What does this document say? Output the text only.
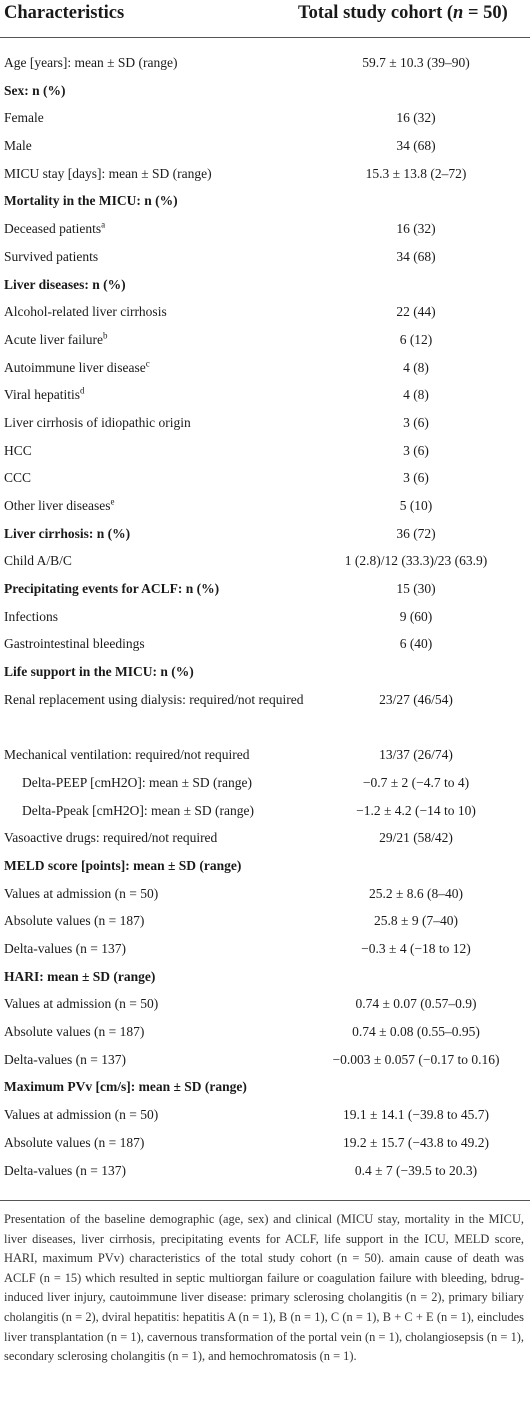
Characteristics	Total study cohort (n = 50)
Age [years]: mean ± SD (range)	59.7 ± 10.3 (39–90)
Sex: n (%)
Female	16 (32)
Male	34 (68)
MICU stay [days]: mean ± SD (range)	15.3 ± 13.8 (2–72)
Mortality in the MICU: n (%)
Deceased patients$^a$	16 (32)
Survived patients	34 (68)
Liver diseases: n (%)
Alcohol-related liver cirrhosis	22 (44)
Acute liver failure$^b$	6 (12)
Autoimmune liver disease$^c$	4 (8)
Viral hepatitis$^d$	4 (8)
Liver cirrhosis of idiopathic origin	3 (6)
HCC	3 (6)
CCC	3 (6)
Other liver diseases$^e$	5 (10)
Liver cirrhosis: n (%)	36 (72)
Child A/B/C	1 (2.8)/12 (33.3)/23 (63.9)
Precipitating events for ACLF: n (%)	15 (30)
Infections	9 (60)
Gastrointestinal bleedings	6 (40)
Life support in the MICU: n (%)
Renal replacement using dialysis: required/not required	23/27 (46/54)
Mechanical ventilation: required/not required	13/37 (26/74)
Delta-PEEP [cmH2O]: mean ± SD (range)	−0.7 ± 2 (−4.7 to 4)
Delta-Ppeak [cmH2O]: mean ± SD (range)	−1.2 ± 4.2 (−14 to 10)
Vasoactive drugs: required/not required	29/21 (58/42)
MELD score [points]: mean ± SD (range)
Values at admission (n = 50)	25.2 ± 8.6 (8–40)
Absolute values (n = 187)	25.8 ± 9 (7–40)
Delta-values (n = 137)	−0.3 ± 4 (−18 to 12)
HARI: mean ± SD (range)
Values at admission (n = 50)	0.74 ± 0.07 (0.57–0.9)
Absolute values (n = 187)	0.74 ± 0.08 (0.55–0.95)
Delta-values (n = 137)	−0.003 ± 0.057 (−0.17 to 0.16)
Maximum PVv [cm/s]: mean ± SD (range)
Values at admission (n = 50)	19.1 ± 14.1 (−39.8 to 45.7)
Absolute values (n = 187)	19.2 ± 15.7 (−43.8 to 49.2)
Delta-values (n = 137)	0.4 ± 7 (−39.5 to 20.3)
Presentation of the baseline demographic (age, sex) and clinical (MICU stay, mortality in the MICU, liver diseases, liver cirrhosis, precipitating events for ACLF, life support in the ICU, MELD score, HARI, maximum PVv) characteristics of the total study cohort (n = 50). amain cause of death was ACLF (n = 15) which resulted in septic multiorgan failure or coagulation failure with bleeding, bdrug-induced liver injury, cautoimmune liver disease: primary sclerosing cholangitis (n = 2), primary biliary cholangitis (n = 2), dviral hepatitis: hepatitis A (n = 1), B (n = 1), C (n = 1), B + C + E (n = 1), eincludes liver transplantation (n = 1), cavernous transformation of the portal vein (n = 1), cholangiosepsis (n = 1), secondary sclerosing cholangitis (n = 1), and hemochromatosis (n = 1).
